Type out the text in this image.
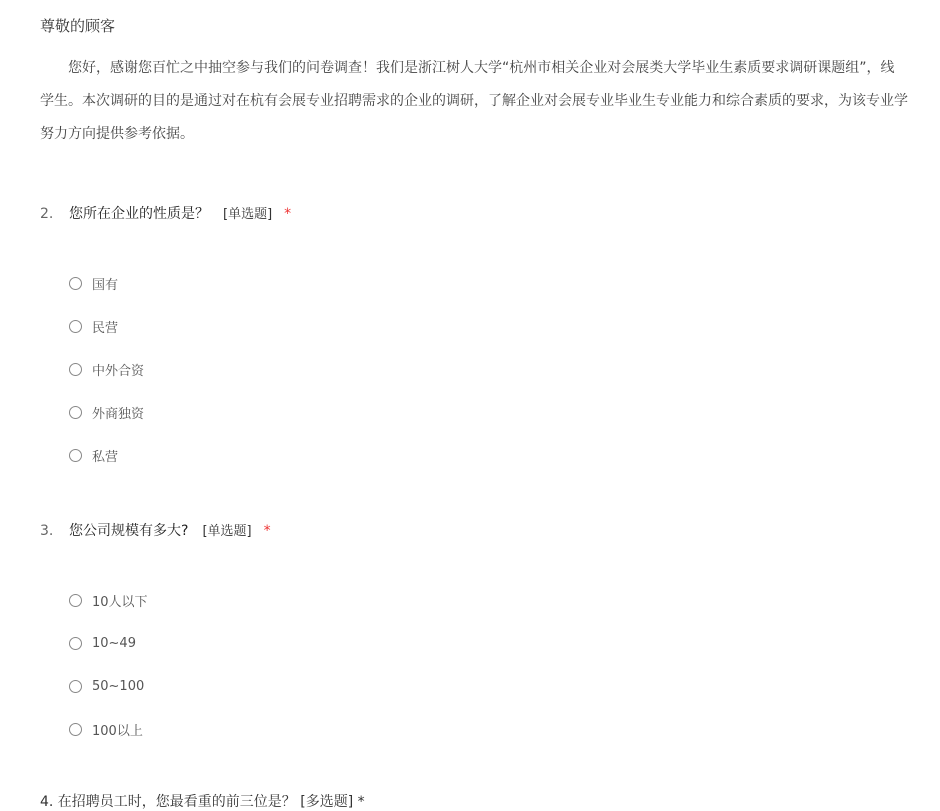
尊敬的顾客
您好，感谢您百忙之中抽空参与我们的问卷调查！我们是浙江树人大学“杭州市相关企业对会展类大学毕业生素质要求调研课题组”，线
学生。本次调研的目的是通过对在杭有会展专业招聘需求的企业的调研，了解企业对会展专业毕业生专业能力和综合素质的要求，为该专业学
努力方向提供参考依据。
2. 您所在企业的性质是？ [单选题] *
国有
民营
中外合资
外商独资
私营
3. 您公司规模有多大? [单选题] *
10人以下
10~49
50~100
100以上
4. 在招聘员工时，您最看重的前三位是？ [多选题] *
